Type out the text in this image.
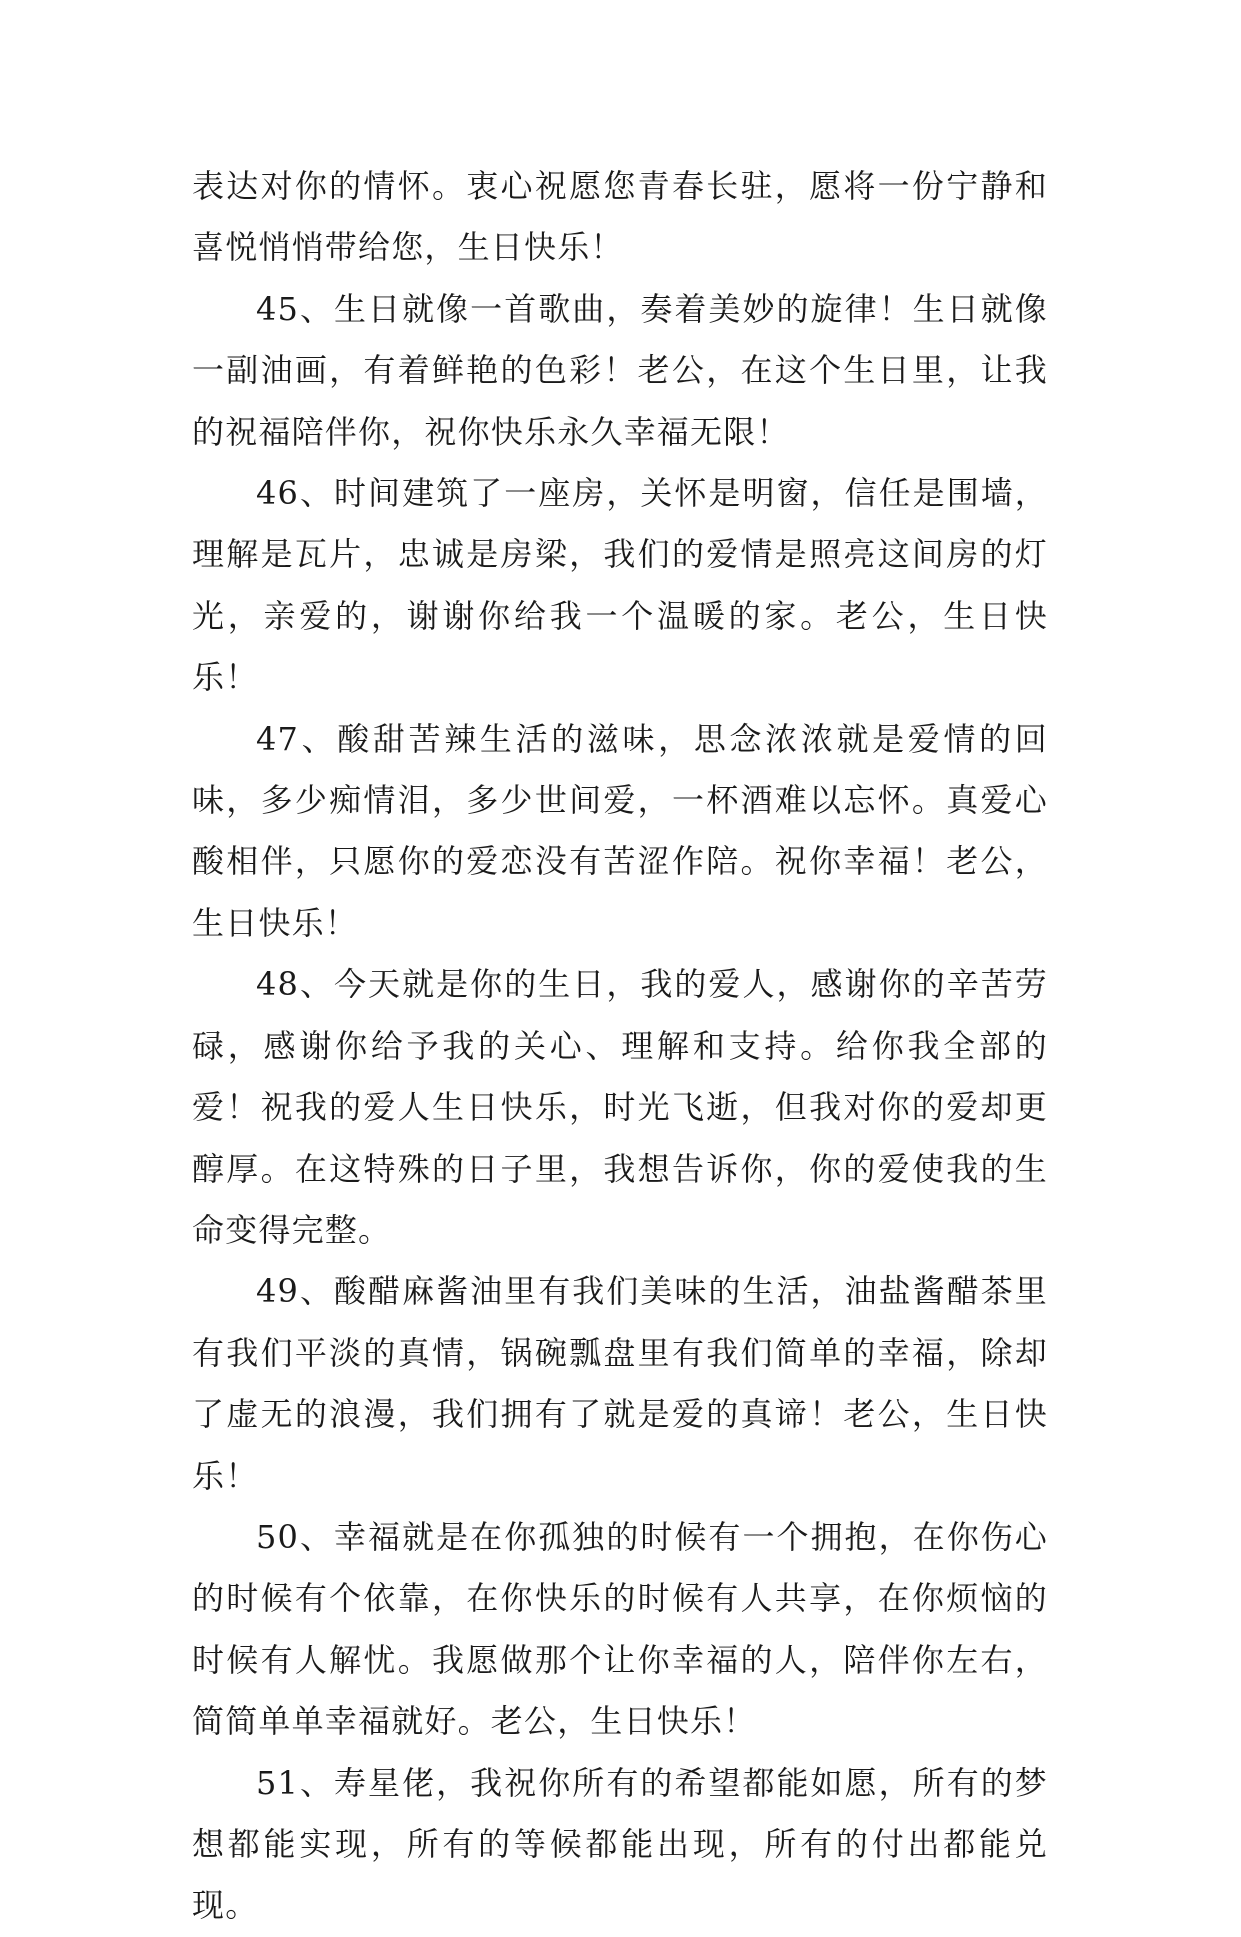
表达对你的情怀。衷心祝愿您青春长驻，愿将一份宁静和喜悦悄悄带给您，生日快乐！

45、生日就像一首歌曲，奏着美妙的旋律！生日就像一副油画，有着鲜艳的色彩！老公，在这个生日里，让我的祝福陪伴你，祝你快乐永久幸福无限！

46、时间建筑了一座房，关怀是明窗，信任是围墙，理解是瓦片，忠诚是房梁，我们的爱情是照亮这间房的灯光，亲爱的，谢谢你给我一个温暖的家。老公，生日快乐！

47、酸甜苦辣生活的滋味，思念浓浓就是爱情的回味，多少痴情泪，多少世间爱，一杯酒难以忘怀。真爱心酸相伴，只愿你的爱恋没有苦涩作陪。祝你幸福！老公，生日快乐！

48、今天就是你的生日，我的爱人，感谢你的辛苦劳碌，感谢你给予我的关心、理解和支持。给你我全部的爱！祝我的爱人生日快乐，时光飞逝，但我对你的爱却更醇厚。在这特殊的日子里，我想告诉你，你的爱使我的生命变得完整。

49、酸醋麻酱油里有我们美味的生活，油盐酱醋茶里有我们平淡的真情，锅碗瓢盘里有我们简单的幸福，除却了虚无的浪漫，我们拥有了就是爱的真谛！老公，生日快乐！

50、幸福就是在你孤独的时候有一个拥抱，在你伤心的时候有个依靠，在你快乐的时候有人共享，在你烦恼的时候有人解忧。我愿做那个让你幸福的人，陪伴你左右，简简单单幸福就好。老公，生日快乐！

51、寿星佬，我祝你所有的希望都能如愿，所有的梦想都能实现，所有的等候都能出现，所有的付出都能兑现。
